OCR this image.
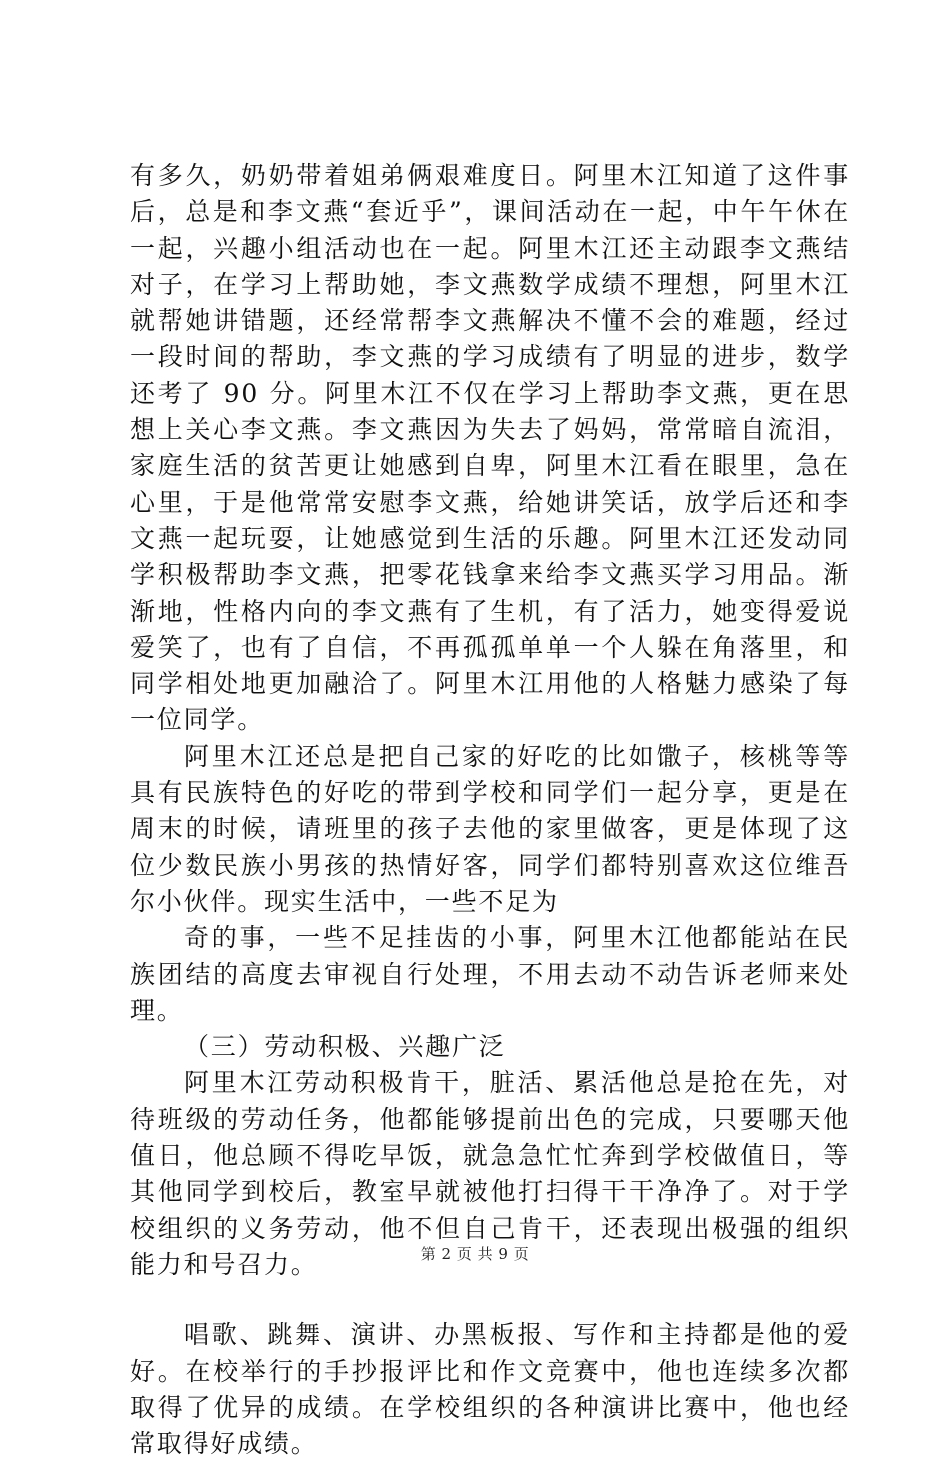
有多久，奶奶带着姐弟俩艰难度日。阿里木江知道了这件事后，总是和李文燕“套近乎”，课间活动在一起，中午午休在一起，兴趣小组活动也在一起。阿里木江还主动跟李文燕结对子，在学习上帮助她，李文燕数学成绩不理想，阿里木江就帮她讲错题，还经常帮李文燕解决不懂不会的难题，经过一段时间的帮助，李文燕的学习成绩有了明显的进步，数学还考了 90 分。阿里木江不仅在学习上帮助李文燕，更在思想上关心李文燕。李文燕因为失去了妈妈，常常暗自流泪，家庭生活的贫苦更让她感到自卑，阿里木江看在眼里，急在心里，于是他常常安慰李文燕，给她讲笑话，放学后还和李文燕一起玩耍，让她感觉到生活的乐趣。阿里木江还发动同学积极帮助李文燕，把零花钱拿来给李文燕买学习用品。渐渐地，性格内向的李文燕有了生机，有了活力，她变得爱说爱笑了，也有了自信，不再孤孤单单一个人躲在角落里，和同学相处地更加融洽了。阿里木江用他的人格魅力感染了每一位同学。

阿里木江还总是把自己家的好吃的比如馓子，核桃等等具有民族特色的好吃的带到学校和同学们一起分享，更是在周末的时候，请班里的孩子去他的家里做客，更是体现了这位少数民族小男孩的热情好客，同学们都特别喜欢这位维吾尔小伙伴。现实生活中，一些不足为

奇的事，一些不足挂齿的小事，阿里木江他都能站在民族团结的高度去审视自行处理，不用去动不动告诉老师来处理。

（三）劳动积极、兴趣广泛

阿里木江劳动积极肯干，脏活、累活他总是抢在先，对待班级的劳动任务，他都能够提前出色的完成，只要哪天他值日，他总顾不得吃早饭，就急急忙忙奔到学校做值日，等其他同学到校后，教室早就被他打扫得干干净净了。对于学校组织的义务劳动，他不但自己肯干，还表现出极强的组织能力和号召力。

唱歌、跳舞、演讲、办黑板报、写作和主持都是他的爱好。在校举行的手抄报评比和作文竞赛中，他也连续多次都取得了优异的成绩。在学校组织的各种演讲比赛中，他也经常取得好成绩。

第 2 页 共 9 页
